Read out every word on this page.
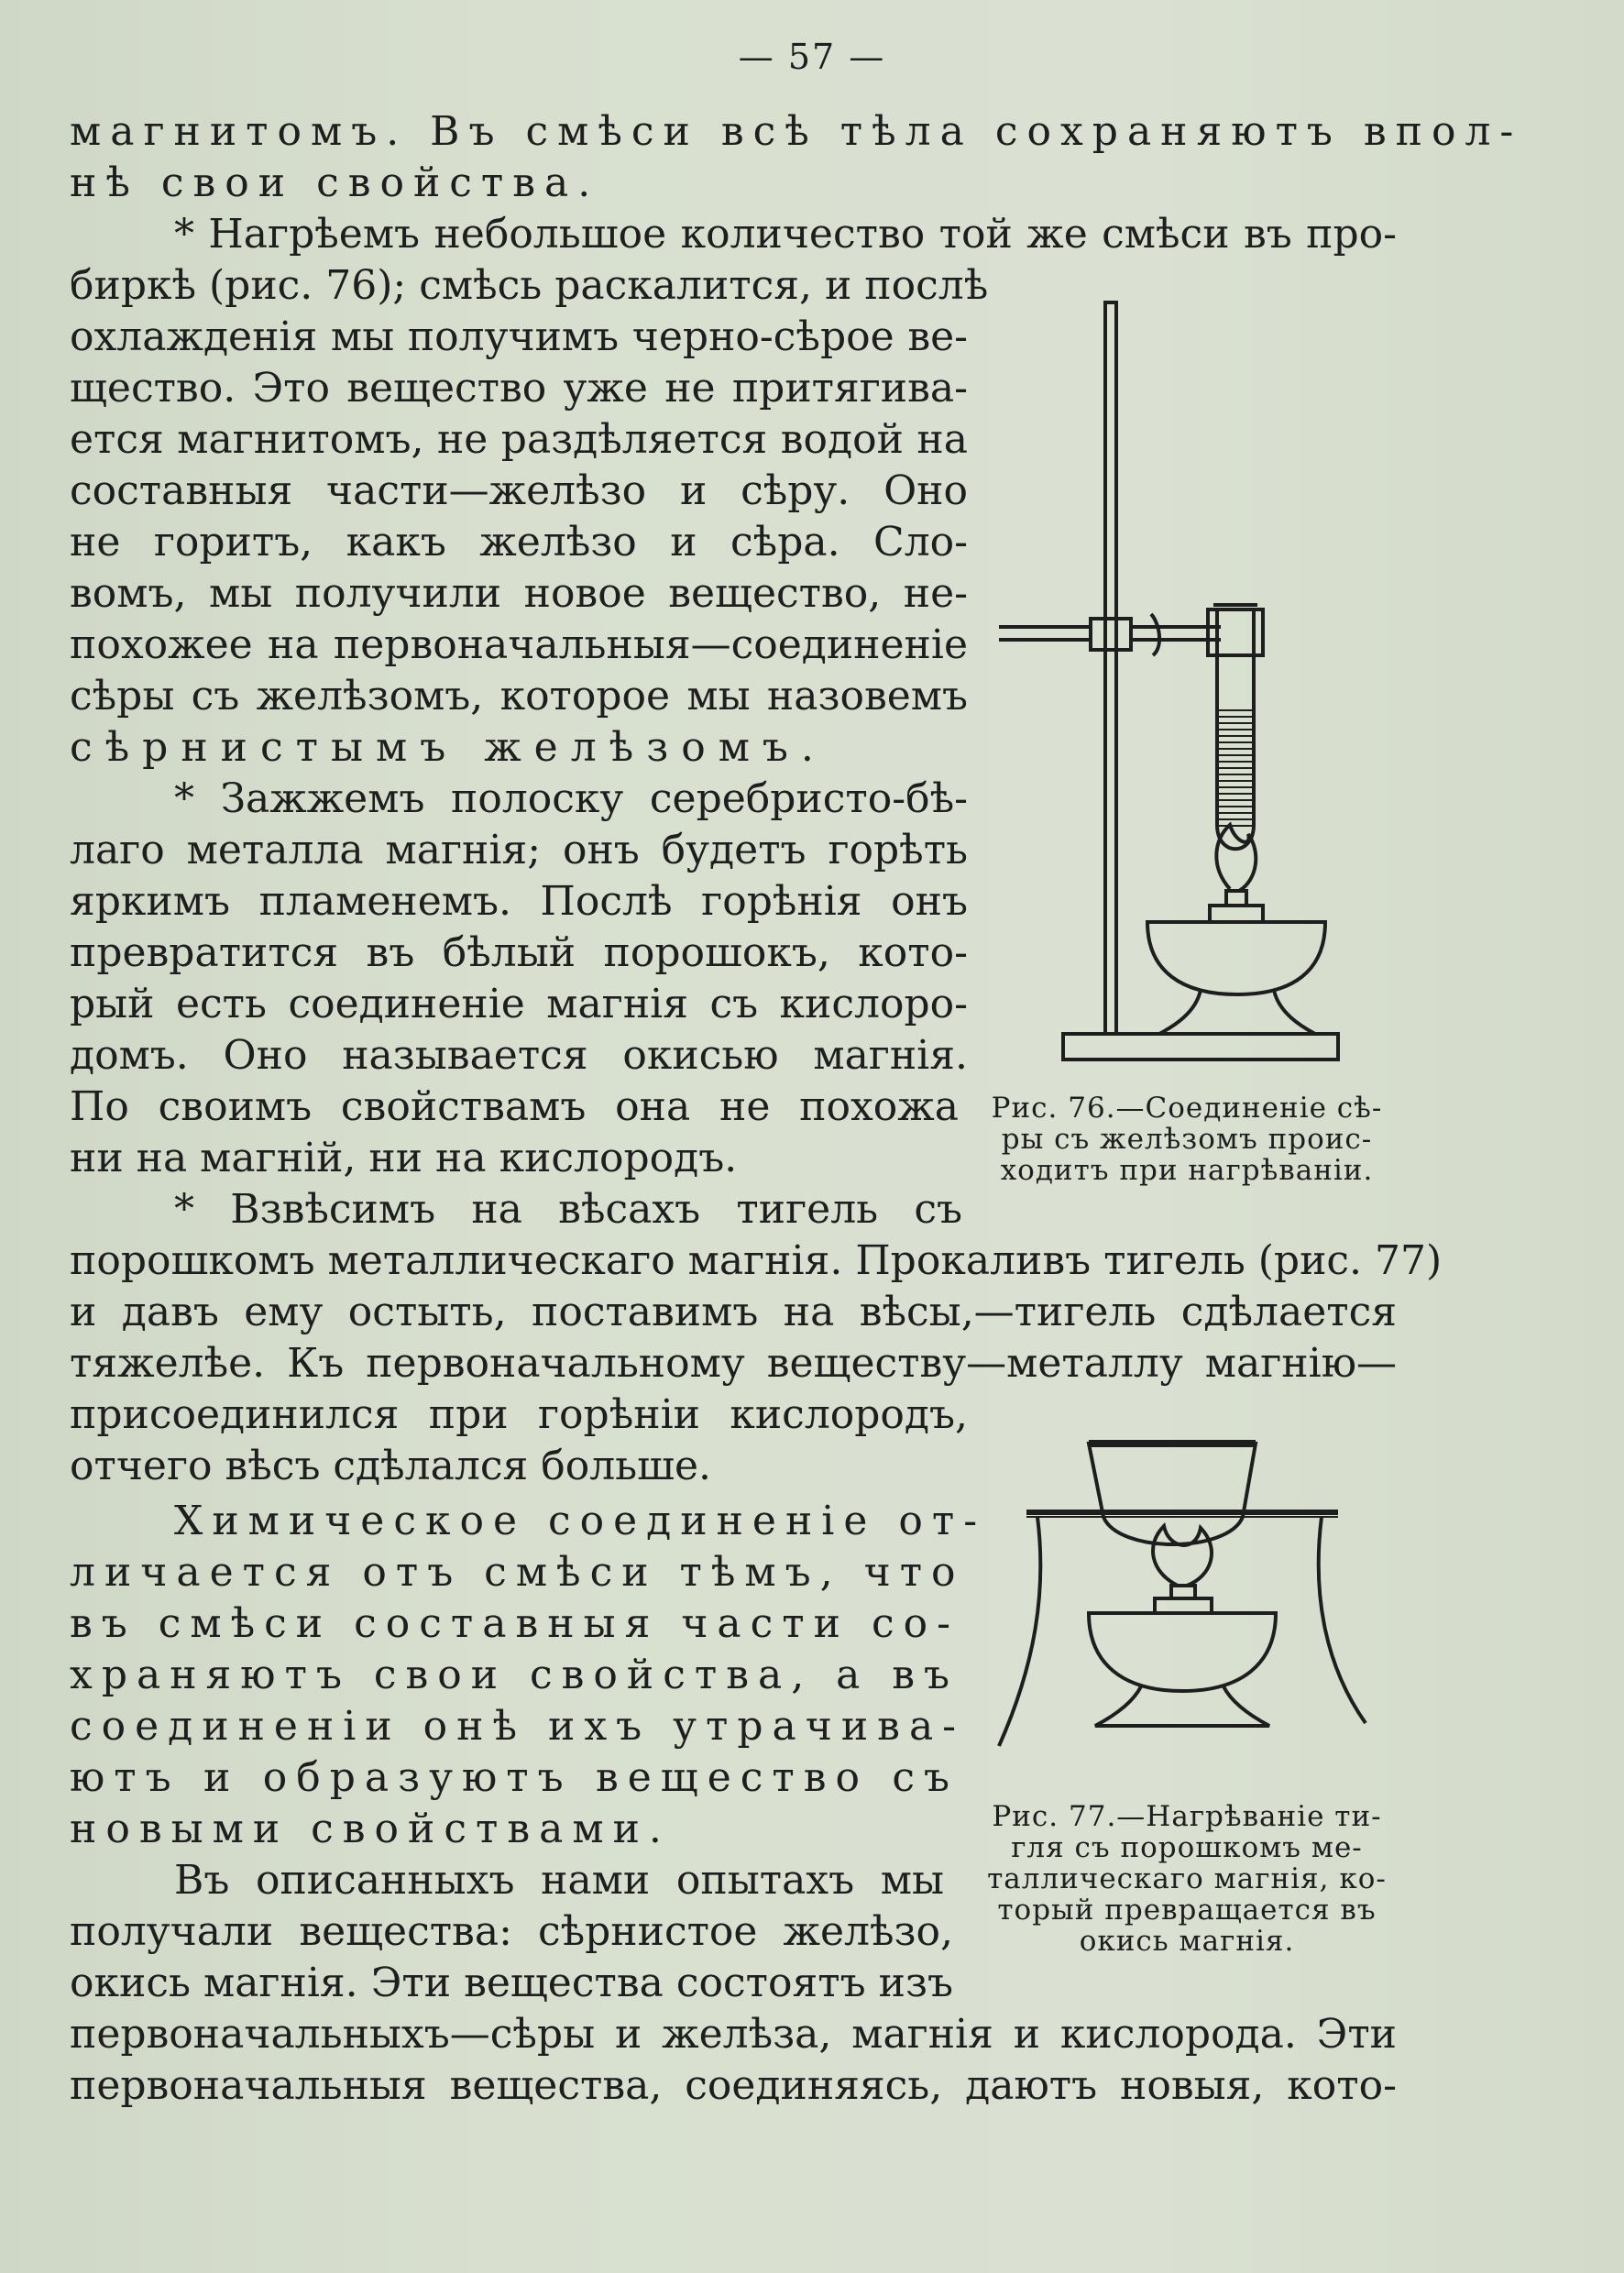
— 57 —

магнитомъ. Въ смѣси всѣ тѣла сохраняютъ впол-

нѣ свои свойства.

* Нагрѣемъ небольшое количество той же смѣси въ про-

биркѣ (рис. 76); смѣсь раскалится, и послѣ

охлажденія мы получимъ черно-сѣрое ве-

щество. Это вещество уже не притягива-

ется магнитомъ, не раздѣляется водой на

составныя части—желѣзо и сѣру. Оно

не горитъ, какъ желѣзо и сѣра. Сло-

вомъ, мы получили новое вещество, не-

похожее на первоначальныя—соединеніе

сѣры съ желѣзомъ, которое мы назовемъ

сѣрнистымъ желѣзомъ.

* Зажжемъ полоску серебристо-бѣ-

лаго металла магнія; онъ будетъ горѣть

яркимъ пламенемъ. Послѣ горѣнія онъ

превратится въ бѣлый порошокъ, кото-

рый есть соединеніе магнія съ кислоро-

домъ. Оно называется окисью магнія.

По своимъ свойствамъ она не похожа

ни на магній, ни на кислородъ.

* Взвѣсимъ на вѣсахъ тигель съ

порошкомъ металлическаго магнія. Прокаливъ тигель (рис. 77)

и давъ ему остыть, поставимъ на вѣсы,—тигель сдѣлается

тяжелѣе. Къ первоначальному веществу—металлу магнію—

присоединился при горѣніи кислородъ,

отчего вѣсъ сдѣлался больше.

Химическое соединеніе от-

личается отъ смѣси тѣмъ, что

въ смѣси составныя части со-

храняютъ свои свойства, а въ

соединеніи онѣ ихъ утрачива-

ютъ и образуютъ вещество съ

новыми свойствами.

Въ описанныхъ нами опытахъ мы

получали вещества: сѣрнистое желѣзо,

окись магнія. Эти вещества состоятъ изъ

первоначальныхъ—сѣры и желѣза, магнія и кислорода. Эти

первоначальныя вещества, соединяясь, даютъ новыя, кото-

Рис. 76.—Соединеніе сѣ-
ры съ желѣзомъ проис-
ходитъ при нагрѣваніи.
Рис. 77.—Нагрѣваніе ти-
гля съ порошкомъ ме-
таллическаго магнія, ко-
торый превращается въ
окись магнія.
